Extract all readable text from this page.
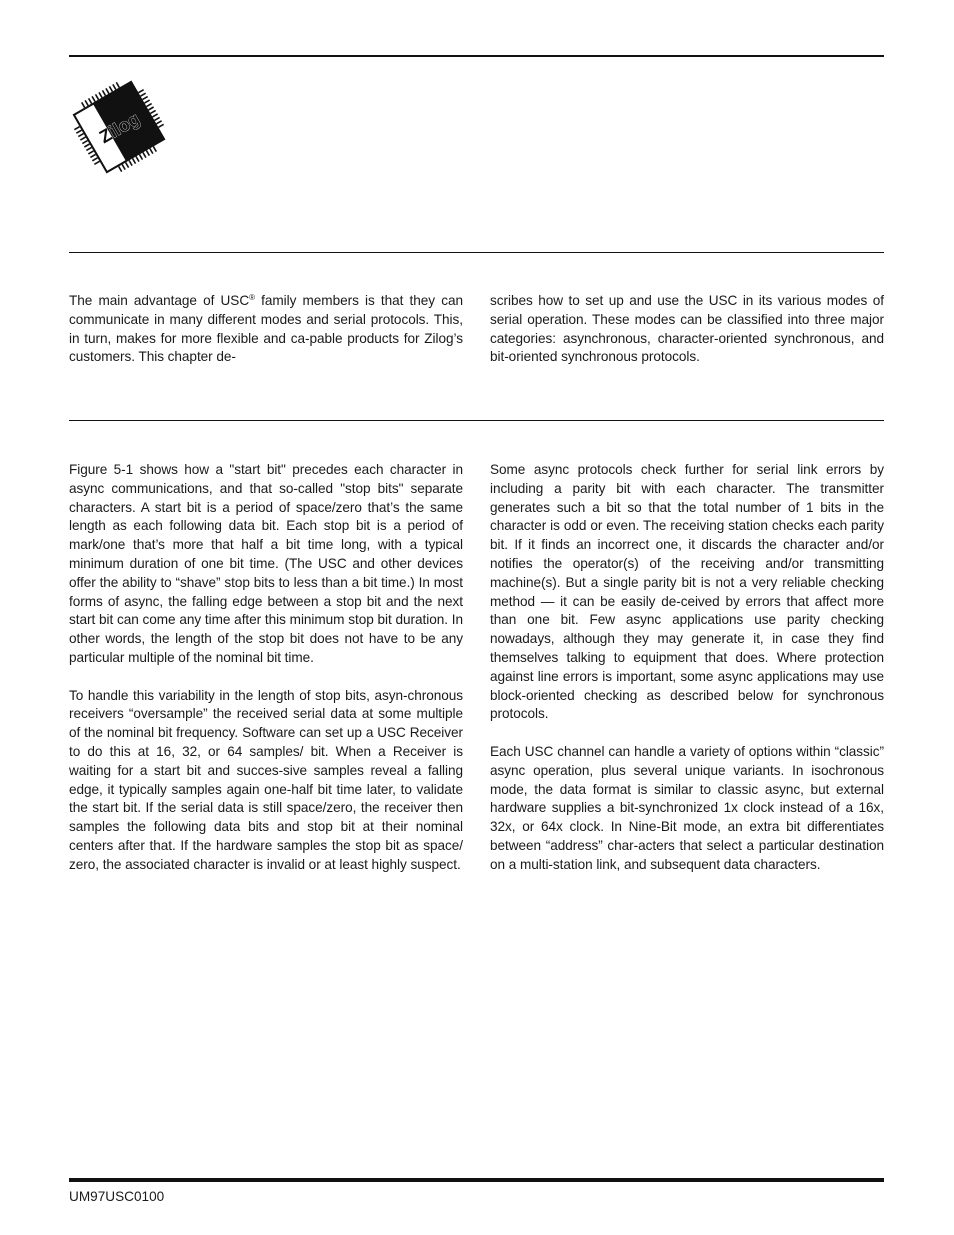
Zilog

The main advantage of USC® family members is that they can communicate in many different modes and serial protocols. This, in turn, makes for more flexible and ca-pable products for Zilog’s customers. This chapter de-

scribes how to set up and use the USC in its various modes of serial operation. These modes can be classified into three major categories: asynchronous, character-oriented synchronous, and bit-oriented synchronous protocols.

Figure 5-1 shows how a "start bit" precedes each character in async communications, and that so-called "stop bits" separate characters. A start bit is a period of space/zero that’s the same length as each following data bit. Each stop bit is a period of mark/one that’s more that half a bit time long, with a typical minimum duration of one bit time. (The USC and other devices offer the ability to “shave” stop bits to less than a bit time.) In most forms of async, the falling edge between a stop bit and the next start bit can come any time after this minimum stop bit duration. In other words, the length of the stop bit does not have to be any particular multiple of the nominal bit time.

To handle this variability in the length of stop bits, asyn-chronous receivers “oversample” the received serial data at some multiple of the nominal bit frequency. Software can set up a USC Receiver to do this at 16, 32, or 64 samples/ bit. When a Receiver is waiting for a start bit and succes-sive samples reveal a falling edge, it typically samples again one-half bit time later, to validate the start bit. If the serial data is still space/zero, the receiver then samples the following data bits and stop bit at their nominal centers after that. If the hardware samples the stop bit as space/ zero, the associated character is invalid or at least highly suspect.

Some async protocols check further for serial link errors by including a parity bit with each character. The transmitter generates such a bit so that the total number of 1 bits in the character is odd or even. The receiving station checks each parity bit. If it finds an incorrect one, it discards the character and/or notifies the operator(s) of the receiving and/or transmitting machine(s). But a single parity bit is not a very reliable checking method — it can be easily de-ceived by errors that affect more than one bit. Few async applications use parity checking nowadays, although they may generate it, in case they find themselves talking to equipment that does. Where protection against line errors is important, some async applications may use block-oriented checking as described below for synchronous protocols.

Each USC channel can handle a variety of options within “classic” async operation, plus several unique variants. In isochronous mode, the data format is similar to classic async, but external hardware supplies a bit-synchronized 1x clock instead of a 16x, 32x, or 64x clock. In Nine-Bit mode, an extra bit differentiates between “address” char-acters that select a particular destination on a multi-station link, and subsequent data characters.

UM97USC0100
